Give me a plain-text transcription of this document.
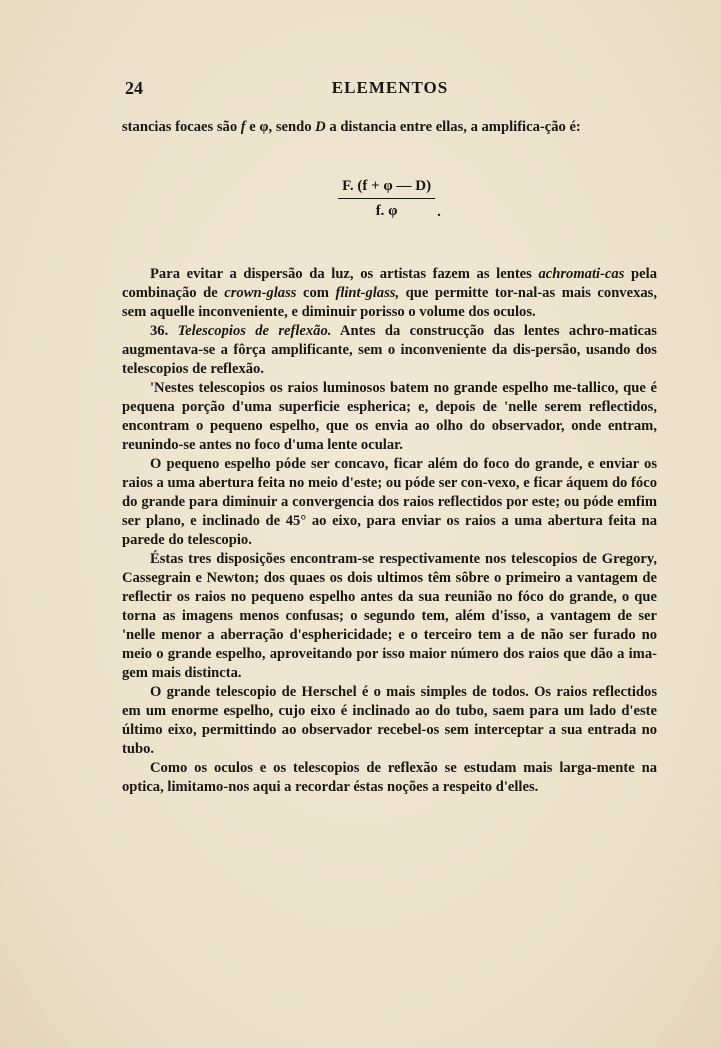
24	ELEMENTOS

stancias focaes são f e φ, sendo D a distancia entre ellas, a amplifica-ção é:

$\frac{F. (f + \varphi — D)}{f. \varphi}$ .

Para evitar a dispersão da luz, os artistas fazem as lentes achromati-cas pela combinação de crown-glass com flint-glass, que permitte tor-nal-as mais convexas, sem aquelle inconveniente, e diminuir porisso o volume dos oculos.

36. Telescopios de reflexão. Antes da construcção das lentes achro-maticas augmentava-se a fôrça amplificante, sem o inconveniente da dis-persão, usando dos telescopios de reflexão.

'Nestes telescopios os raios luminosos batem no grande espelho me-tallico, que é pequena porção d'uma superficie espherica; e, depois de 'nelle serem reflectidos, encontram o pequeno espelho, que os envia ao olho do observador, onde entram, reunindo-se antes no foco d'uma lente ocular.

O pequeno espelho póde ser concavo, ficar além do foco do grande, e enviar os raios a uma abertura feita no meio d'este; ou póde ser con-vexo, e ficar áquem do fóco do grande para diminuir a convergencia dos raios reflectidos por este; ou póde emfim ser plano, e inclinado de 45° ao eixo, para enviar os raios a uma abertura feita na parede do telescopio.

Éstas tres disposições encontram-se respectivamente nos telescopios de Gregory, Cassegrain e Newton; dos quaes os dois ultimos têm sôbre o primeiro a vantagem de reflectir os raios no pequeno espelho antes da sua reunião no fóco do grande, o que torna as imagens menos confusas; o segundo tem, além d'isso, a vantagem de ser 'nelle menor a aberração d'esphericidade; e o terceiro tem a de não ser furado no meio o grande espelho, aproveitando por isso maior número dos raios que dão a ima-gem mais distincta.

O grande telescopio de Herschel é o mais simples de todos. Os raios reflectidos em um enorme espelho, cujo eixo é inclinado ao do tubo, saem para um lado d'este último eixo, permittindo ao observador recebel-os sem interceptar a sua entrada no tubo.

Como os oculos e os telescopios de reflexão se estudam mais larga-mente na optica, limitamo-nos aqui a recordar éstas noções a respeito d'elles.
